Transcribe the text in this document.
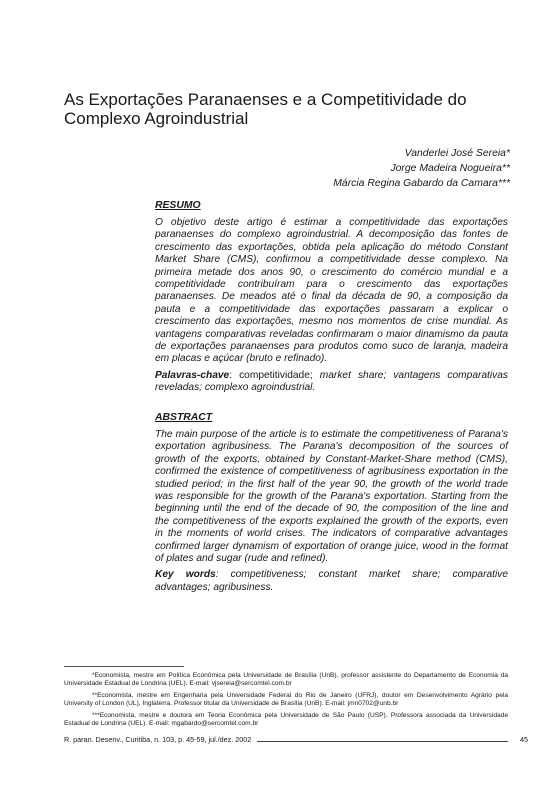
As Exportações Paranaenses e a Competitividade do Complexo Agroindustrial
Vanderlei José Sereia*
Jorge Madeira Nogueira**
Márcia Regina Gabardo da Camara***

RESUMO

O objetivo deste artigo é estimar a competitividade das exportações paranaenses do complexo agroindustrial. A decomposição das fontes de crescimento das exportações, obtida pela aplicação do método Constant Market Share (CMS), confirmou a competitividade desse complexo. Na primeira metade dos anos 90, o crescimento do comércio mundial e a competitividade contribuíram para o crescimento das exportações paranaenses. De meados até o final da década de 90, a composição da pauta e a competitividade das exportações passaram a explicar o crescimento das exportações, mesmo nos momentos de crise mundial. As vantagens comparativas reveladas confirmaram o maior dinamismo da pauta de exportações paranaenses para produtos como suco de laranja, madeira em placas e açúcar (bruto e refinado).

Palavras-chave: competitividade; market share; vantagens comparativas reveladas; complexo agroindustrial.

ABSTRACT

The main purpose of the article is to estimate the competitiveness of Parana's exportation agribusiness. The Parana's decomposition of the sources of growth of the exports, obtained by Constant-Market-Share method (CMS), confirmed the existence of competitiveness of agribusiness exportation in the studied period; in the first half of the year 90, the growth of the world trade was responsible for the growth of the Parana's exportation. Starting from the beginning until the end of the decade of 90, the composition of the line and the competitiveness of the exports explained the growth of the exports, even in the moments of world crises. The indicators of comparative advantages confirmed larger dynamism of exportation of orange juice, wood in the format of plates and sugar (rude and refined).

Key words: competitiveness; constant market share; comparative advantages; agribusiness.

*Economista, mestre em Política Econômica pela Universidade de Brasília (UnB), professor assistente do Departamento de Economia da Universidade Estadual de Londrina (UEL). E-mail: vjsereia@sercomtel.com.br

**Economista, mestre em Engenharia pela Universidade Federal do Rio de Janeiro (UFRJ), doutor em Desenvolvimento Agrário pela University of London (UL), Inglaterra. Professor titular da Universidade de Brasília (UnB). E-mail: jmn0702@unb.br

***Economista, mestre e doutora em Teoria Econômica pela Universidade de São Paulo (USP). Professora associada da Universidade Estadual de Londrina (UEL). E-mail: mgabardo@sercomtel.com.br

R. paran. Desenv., Curitiba, n. 103, p. 45-59, jul./dez. 2002	45
